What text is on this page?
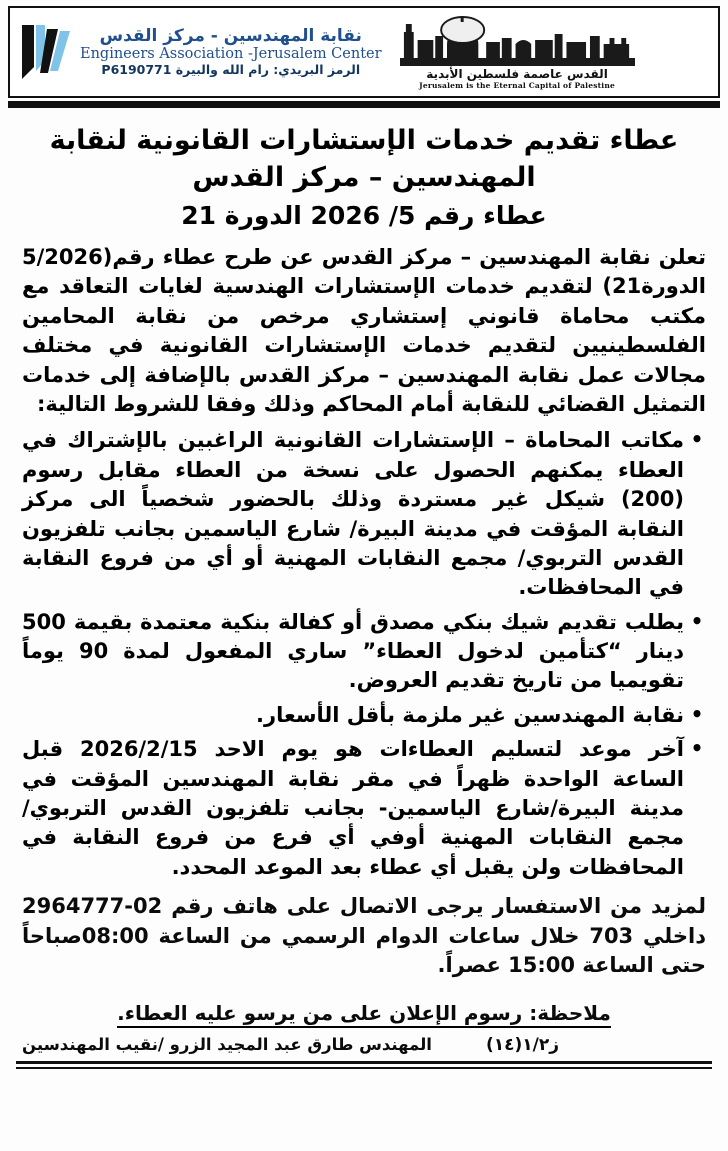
نقابة المهندسين - مركز القدس
Engineers Association -Jerusalem Center
الرمز البريدي: رام الله والبيرة P6190771	القدس عاصمة فلسطين الأبدية
Jerusalem is the Eternal Capital of Palestine
عطاء تقديم خدمات الإستشارات القانونية لنقابة
المهندسين – مركز القدس
عطاء رقم 5/ 2026 الدورة 21

تعلن نقابة المهندسين – مركز القدس عن طرح عطاء رقم(5/2026 الدورة21) لتقديم خدمات الإستشارات الهندسية لغايات التعاقد مع مكتب محاماة قانوني إستشاري مرخص من نقابة المحامين الفلسطينيين لتقديم خدمات الإستشارات القانونية في مختلف مجالات عمل نقابة المهندسين – مركز القدس بالإضافة إلى خدمات التمثيل القضائي للنقابة أمام المحاكم وذلك وفقا للشروط التالية:

• مكاتب المحاماة – الإستشارات القانونية الراغبين بالإشتراك في العطاء يمكنهم الحصول على نسخة من العطاء مقابل رسوم (200) شيكل غير مستردة وذلك بالحضور شخصياً الى مركز النقابة المؤقت في مدينة البيرة/ شارع الياسمين بجانب تلفزيون القدس التربوي/ مجمع النقابات المهنية أو أي من فروع النقابة في المحافظات.
• يطلب تقديم شيك بنكي مصدق أو كفالة بنكية معتمدة بقيمة 500 دينار “كتأمين لدخول العطاء” ساري المفعول لمدة 90 يوماً تقويميا من تاريخ تقديم العروض.
• نقابة المهندسين غير ملزمة بأقل الأسعار.
• آخر موعد لتسليم العطاءات هو يوم الاحد 2026/2/15 قبل الساعة الواحدة ظهراً في مقر نقابة المهندسين المؤقت في مدينة البيرة/شارع الياسمين- بجانب تلفزيون القدس التربوي/مجمع النقابات المهنية أوفي أي فرع من فروع النقابة في المحافظات ولن يقبل أي عطاء بعد الموعد المحدد.

لمزيد من الاستفسار يرجى الاتصال على هاتف رقم 02-2964777 داخلي 703 خلال ساعات الدوام الرسمي من الساعة 08:00صباحاً حتى الساعة 15:00 عصراً.

ملاحظة: رسوم الإعلان على من يرسو عليه العطاء.
المهندس طارق عبد المجيد الزرو /نقيب المهندسين	ز١/٢(١٤)
